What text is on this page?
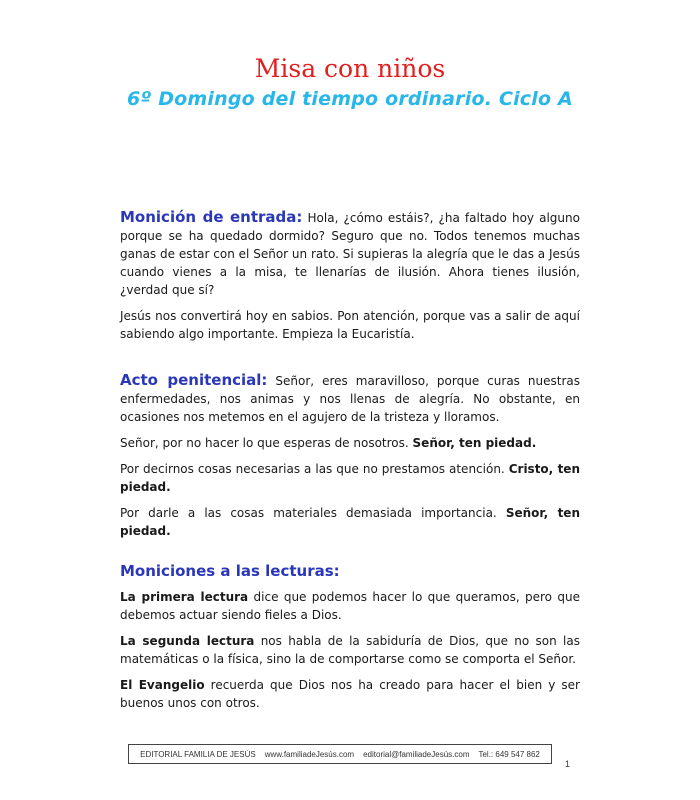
Misa con niños
6º Domingo del tiempo ordinario. Ciclo A

Monición de entrada: Hola, ¿cómo estáis?, ¿ha faltado hoy alguno porque se ha quedado dormido? Seguro que no. Todos tenemos muchas ganas de estar con el Señor un rato. Si supieras la alegría que le das a Jesús cuando vienes a la misa, te llenarías de ilusión. Ahora tienes ilusión, ¿verdad que sí?

Jesús nos convertirá hoy en sabios. Pon atención, porque vas a salir de aquí sabiendo algo importante. Empieza la Eucaristía.

Acto penitencial: Señor, eres maravilloso, porque curas nuestras enfermedades, nos animas y nos llenas de alegría. No obstante, en ocasiones nos metemos en el agujero de la tristeza y lloramos.

Señor, por no hacer lo que esperas de nosotros. Señor, ten piedad.

Por decirnos cosas necesarias a las que no prestamos atención. Cristo, ten piedad.

Por darle a las cosas materiales demasiada importancia. Señor, ten piedad.

Moniciones a las lecturas:

La primera lectura dice que podemos hacer lo que queramos, pero que debemos actuar siendo fieles a Dios.

La segunda lectura nos habla de la sabiduría de Dios, que no son las matemáticas o la física, sino la de comportarse como se comporta el Señor.

El Evangelio recuerda que Dios nos ha creado para hacer el bien y ser buenos unos con otros.

EDITORIAL FAMILIA DE JESÚS www.familiadeJesús.com editorial@familiadeJesús.com Tel.: 649 547 862
1
